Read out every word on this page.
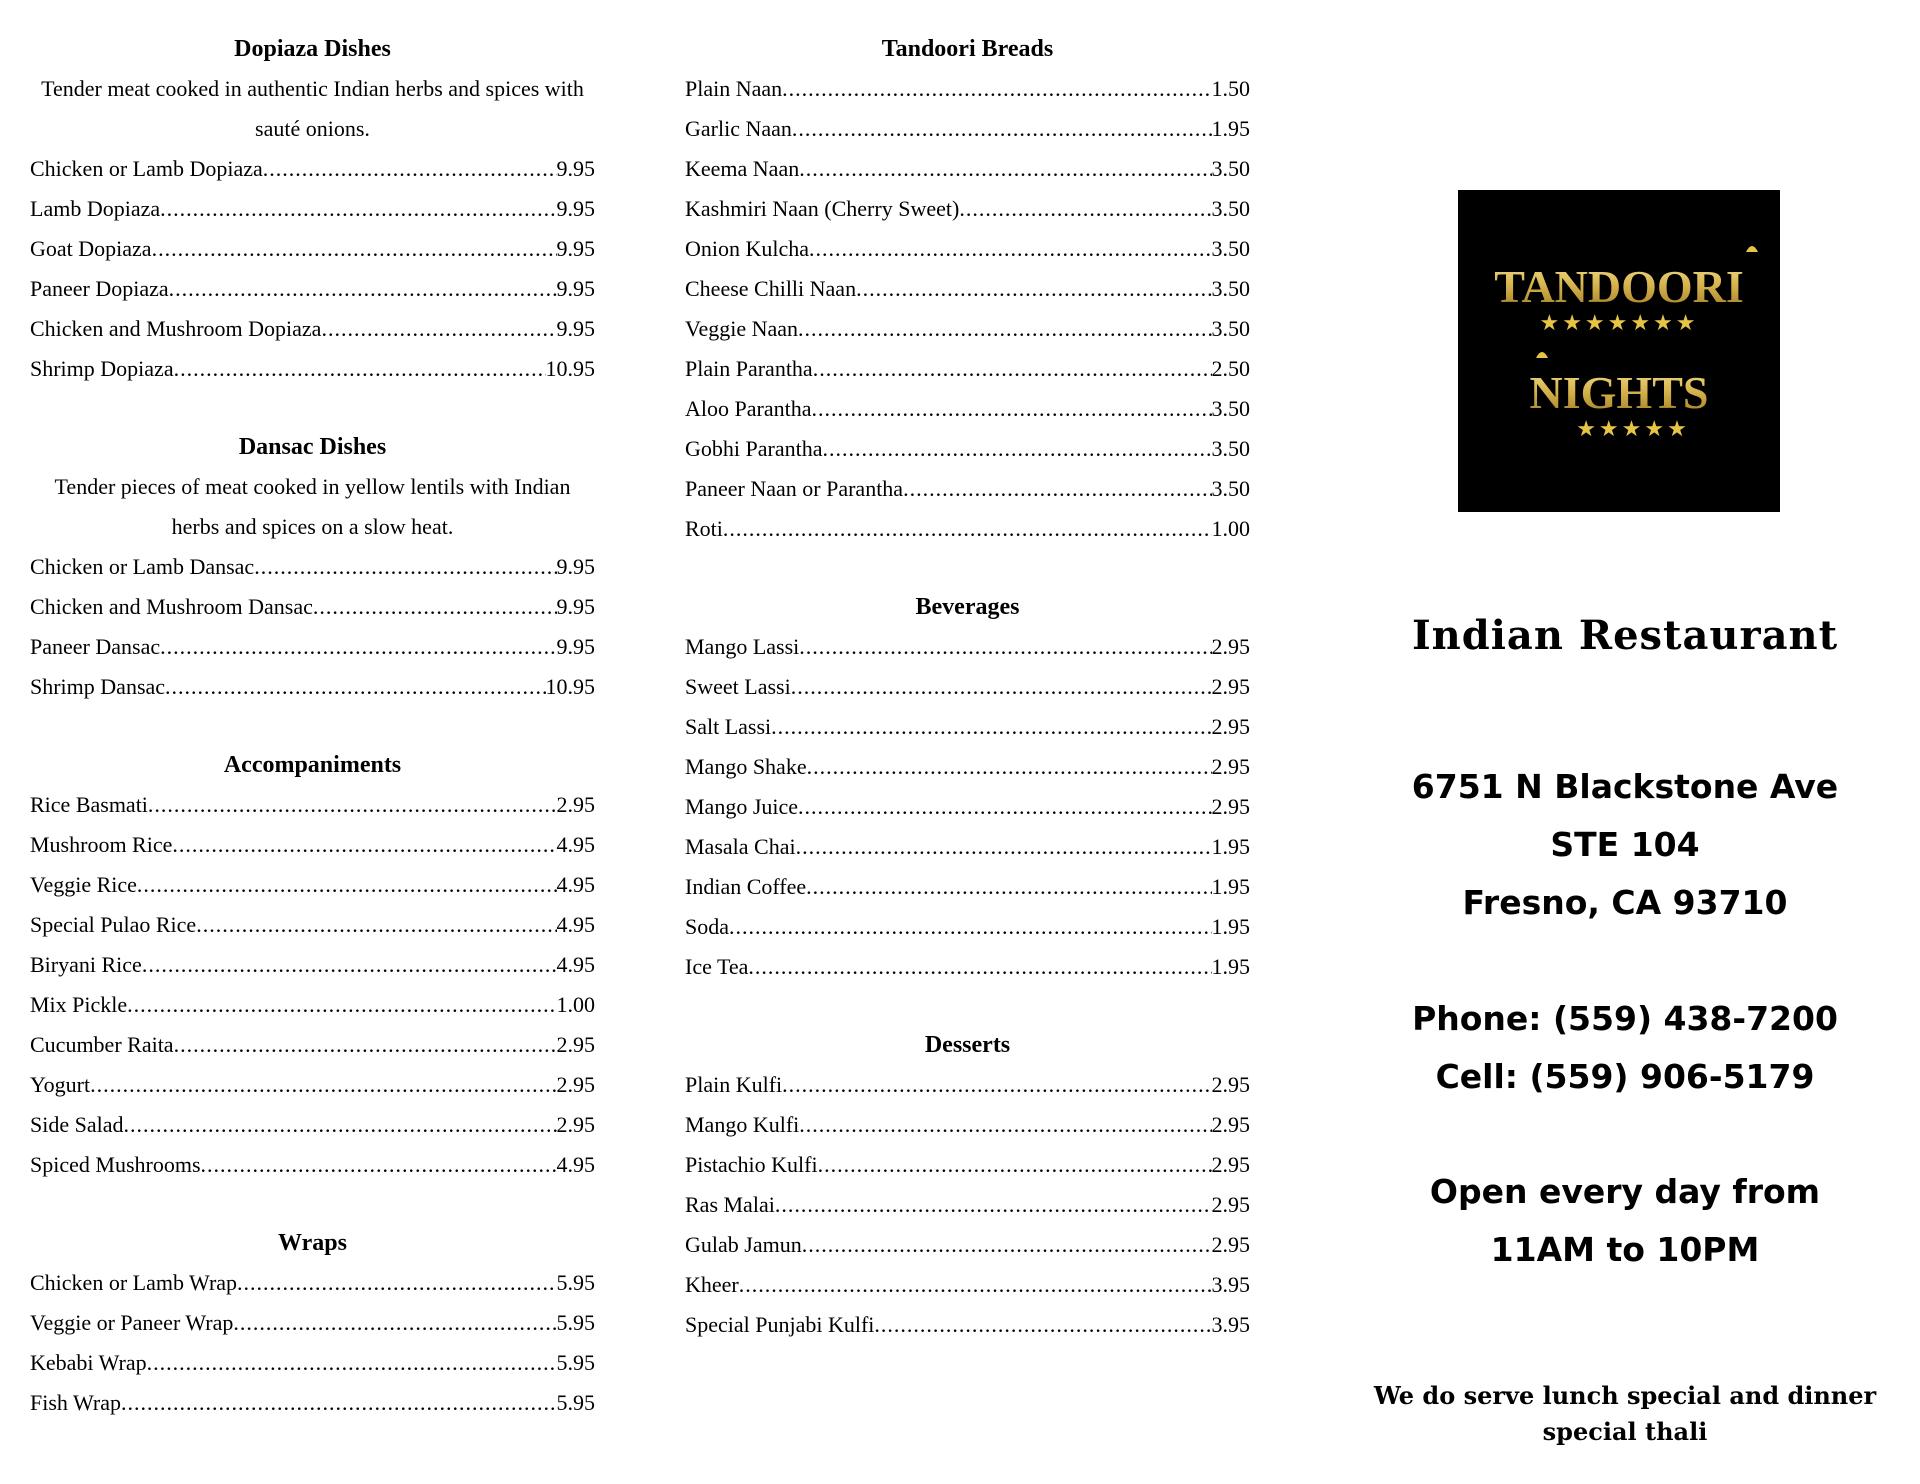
Dopiaza Dishes
Tender meat cooked in authentic Indian herbs and spices with sauté onions.
Chicken or Lamb Dopiaza .....	9.95
Lamb Dopiaza .....	9.95
Goat Dopiaza .....	9.95
Paneer Dopiaza .....	9.95
Chicken and Mushroom Dopiaza .....	9.95
Shrimp Dopiaza .....	10.95
Dansac Dishes
Tender pieces of meat cooked in yellow lentils with Indian herbs and spices on a slow heat.
Chicken or Lamb Dansac .....	9.95
Chicken and Mushroom Dansac .....	9.95
Paneer Dansac .....	9.95
Shrimp Dansac .....	10.95
Accompaniments
Rice Basmati .....	2.95
Mushroom Rice .....	4.95
Veggie Rice .....	4.95
Special Pulao Rice .....	4.95
Biryani Rice .....	4.95
Mix Pickle .....	1.00
Cucumber Raita .....	2.95
Yogurt .....	2.95
Side Salad .....	2.95
Spiced Mushrooms .....	4.95
Wraps
Chicken or Lamb Wrap .....	5.95
Veggie or Paneer Wrap .....	5.95
Kebabi Wrap .....	5.95
Fish Wrap .....	5.95
Tandoori Breads
Plain Naan .....	1.50
Garlic Naan .....	1.95
Keema Naan .....	3.50
Kashmiri Naan (Cherry Sweet) .....	3.50
Onion Kulcha .....	3.50
Cheese Chilli Naan .....	3.50
Veggie Naan .....	3.50
Plain Parantha .....	2.50
Aloo Parantha .....	3.50
Gobhi Parantha .....	3.50
Paneer Naan or Parantha .....	3.50
Roti .....	1.00
Beverages
Mango Lassi .....	2.95
Sweet Lassi .....	2.95
Salt Lassi .....	2.95
Mango Shake .....	2.95
Mango Juice .....	2.95
Masala Chai .....	1.95
Indian Coffee .....	1.95
Soda .....	1.95
Ice Tea .....	1.95
Desserts
Plain Kulfi .....	2.95
Mango Kulfi .....	2.95
Pistachio Kulfi .....	2.95
Ras Malai .....	2.95
Gulab Jamun .....	2.95
Kheer .....	3.95
Special Punjabi Kulfi .....	3.95
TANDOORI
★★★★★★★
NIGHTS
★★★★★
Indian Restaurant
6751 N Blackstone Ave
STE 104
Fresno, CA 93710
Phone: (559) 438-7200
Cell: (559) 906-5179
Open every day from 11AM to 10PM
We do serve lunch special and dinner special thali
